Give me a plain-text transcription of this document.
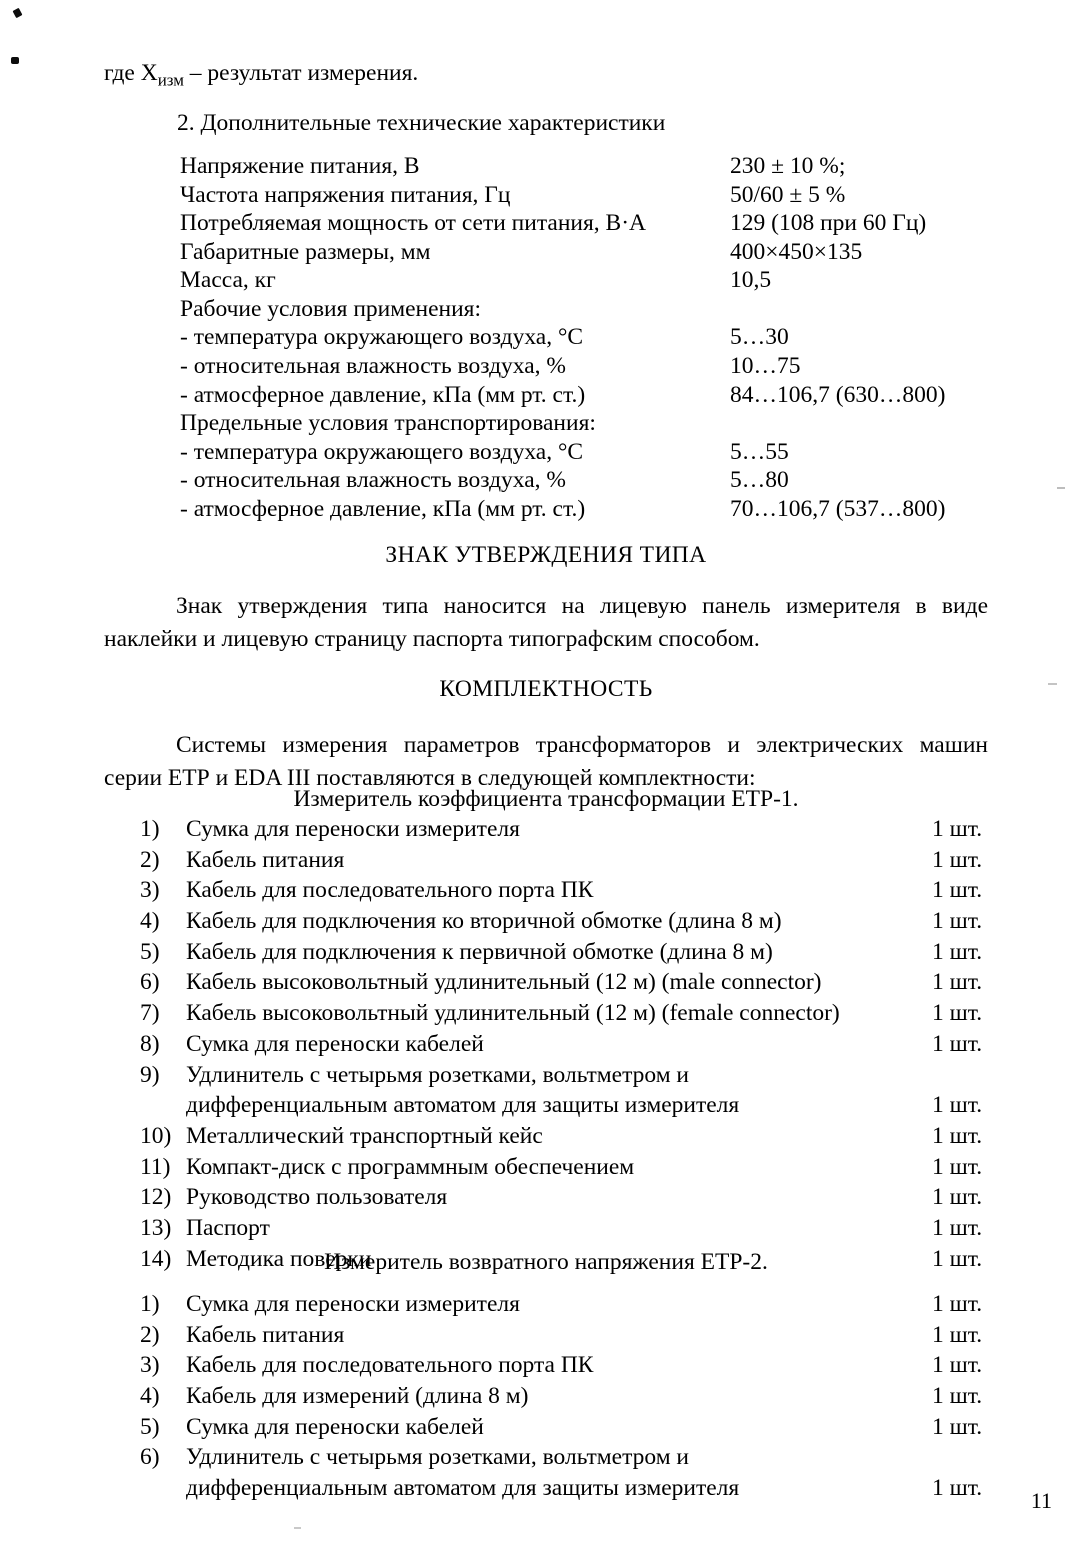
где $Х_{изм}$ – результат измерения.
2. Дополнительные технические характеристики
Напряжение питания, В	230 ± 10 %;
Частота напряжения питания, Гц	50/60 ± 5 %
Потребляемая мощность от сети питания, В·А	129 (108 при 60 Гц)
Габаритные размеры, мм	400×450×135
Масса, кг	10,5
Рабочие условия применения:	
- температура окружающего воздуха, °С	5…30
- относительная влажность воздуха, %	10…75
- атмосферное давление, кПа (мм рт. ст.)	84…106,7 (630…800)
Предельные условия транспортирования:	
- температура окружающего воздуха, °С	5…55
- относительная влажность воздуха, %	5…80
- атмосферное давление, кПа (мм рт. ст.)	70…106,7 (537…800)
ЗНАК УТВЕРЖДЕНИЯ ТИПА
Знак утверждения типа наносится на лицевую панель измерителя в виде наклейки и лицевую страницу паспорта типографским способом.
КОМПЛЕКТНОСТЬ
Системы измерения параметров трансформаторов и электрических машин серии ЕТР и EDA III поставляются в следующей комплектности:
Измеритель коэффициента трансформации ЕТР-1.
1)	Сумка для переноски измерителя	1 шт.
2)	Кабель питания	1 шт.
3)	Кабель для последовательного порта ПК	1 шт.
4)	Кабель для подключения ко вторичной обмотке (длина 8 м)	1 шт.
5)	Кабель для подключения к первичной обмотке (длина 8 м)	1 шт.
6)	Кабель высоковольтный удлинительный (12 м) (male connector)	1 шт.
7)	Кабель высоковольтный удлинительный (12 м) (female connector)	1 шт.
8)	Сумка для переноски кабелей	1 шт.
9)	Удлинитель с четырьмя розетками, вольтметром и
дифференциальным автоматом для защиты измерителя	1 шт.
10) Металлический транспортный кейс	1 шт.
11) Компакт-диск с программным обеспечением	1 шт.
12) Руководство пользователя	1 шт.
13) Паспорт	1 шт.
14) Методика поверки	1 шт.
Измеритель возвратного напряжения ЕТР-2.
1)	Сумка для переноски измерителя	1 шт.
2)	Кабель питания	1 шт.
3)	Кабель для последовательного порта ПК	1 шт.
4)	Кабель для измерений (длина 8 м)	1 шт.
5)	Сумка для переноски кабелей	1 шт.
6)	Удлинитель с четырьмя розетками, вольтметром и
дифференциальным автоматом для защиты измерителя	1 шт.	11
